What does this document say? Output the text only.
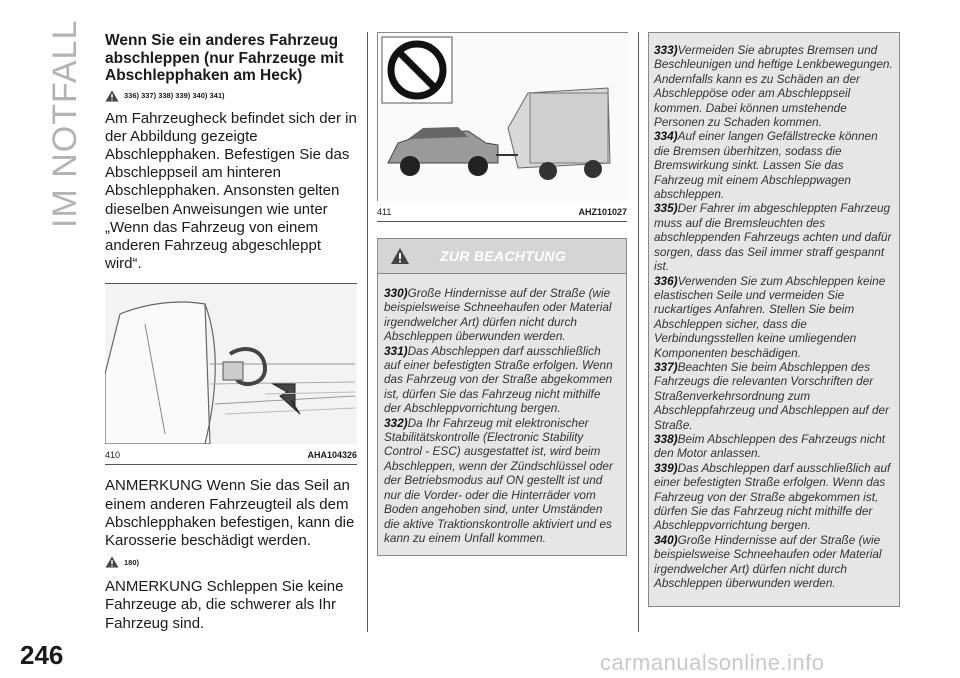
IM NOTFALL
246	carmanualsonline.info
Wenn Sie ein anderes Fahrzeug abschleppen (nur Fahrzeuge mit Abschlepphaken am Heck)
336) 337) 338) 339) 340) 341)

Am Fahrzeugheck befindet sich der in der Abbildung gezeigte Abschlepphaken. Befestigen Sie das Abschleppseil am hinteren Abschlepphaken. Ansonsten gelten dieselben Anweisungen wie unter „Wenn das Fahrzeug von einem anderen Fahrzeug abgeschleppt wird“.

410	AHA104326

ANMERKUNG Wenn Sie das Seil an einem anderen Fahrzeugteil als dem Abschlepphaken befestigen, kann die Karosserie beschädigt werden.

180)

ANMERKUNG Schleppen Sie keine Fahrzeuge ab, die schwerer als Ihr Fahrzeug sind.

411	AHZ101027
ZUR BEACHTUNG
330)Große Hindernisse auf der Straße (wie beispielsweise Schneehaufen oder Material irgendwelcher Art) dürfen nicht durch Abschleppen überwunden werden.
331)Das Abschleppen darf ausschließlich auf einer befestigten Straße erfolgen. Wenn das Fahrzeug von der Straße abgekommen ist, dürfen Sie das Fahrzeug nicht mithilfe der Abschleppvorrichtung bergen.
332)Da Ihr Fahrzeug mit elektronischer Stabilitätskontrolle (Electronic Stability Control - ESC) ausgestattet ist, wird beim Abschleppen, wenn der Zündschlüssel oder der Betriebsmodus auf ON gestellt ist und nur die Vorder- oder die Hinterräder vom Boden angehoben sind, unter Umständen die aktive Traktionskontrolle aktiviert und es kann zu einem Unfall kommen.
333)Vermeiden Sie abruptes Bremsen und Beschleunigen und heftige Lenkbewegungen. Andernfalls kann es zu Schäden an der Abschleppöse oder am Abschleppseil kommen. Dabei können umstehende Personen zu Schaden kommen.
334)Auf einer langen Gefällstrecke können die Bremsen überhitzen, sodass die Bremswirkung sinkt. Lassen Sie das Fahrzeug mit einem Abschleppwagen abschleppen.
335)Der Fahrer im abgeschleppten Fahrzeug muss auf die Bremsleuchten des abschleppenden Fahrzeugs achten und dafür sorgen, dass das Seil immer straff gespannt ist.
336)Verwenden Sie zum Abschleppen keine elastischen Seile und vermeiden Sie ruckartiges Anfahren. Stellen Sie beim Abschleppen sicher, dass die Verbindungsstellen keine umliegenden Komponenten beschädigen.
337)Beachten Sie beim Abschleppen des Fahrzeugs die relevanten Vorschriften der Straßenverkehrsordnung zum Abschleppfahrzeug und Abschleppen auf der Straße.
338)Beim Abschleppen des Fahrzeugs nicht den Motor anlassen.
339)Das Abschleppen darf ausschließlich auf einer befestigten Straße erfolgen. Wenn das Fahrzeug von der Straße abgekommen ist, dürfen Sie das Fahrzeug nicht mithilfe der Abschleppvorrichtung bergen.
340)Große Hindernisse auf der Straße (wie beispielsweise Schneehaufen oder Material irgendwelcher Art) dürfen nicht durch Abschleppen überwunden werden.
